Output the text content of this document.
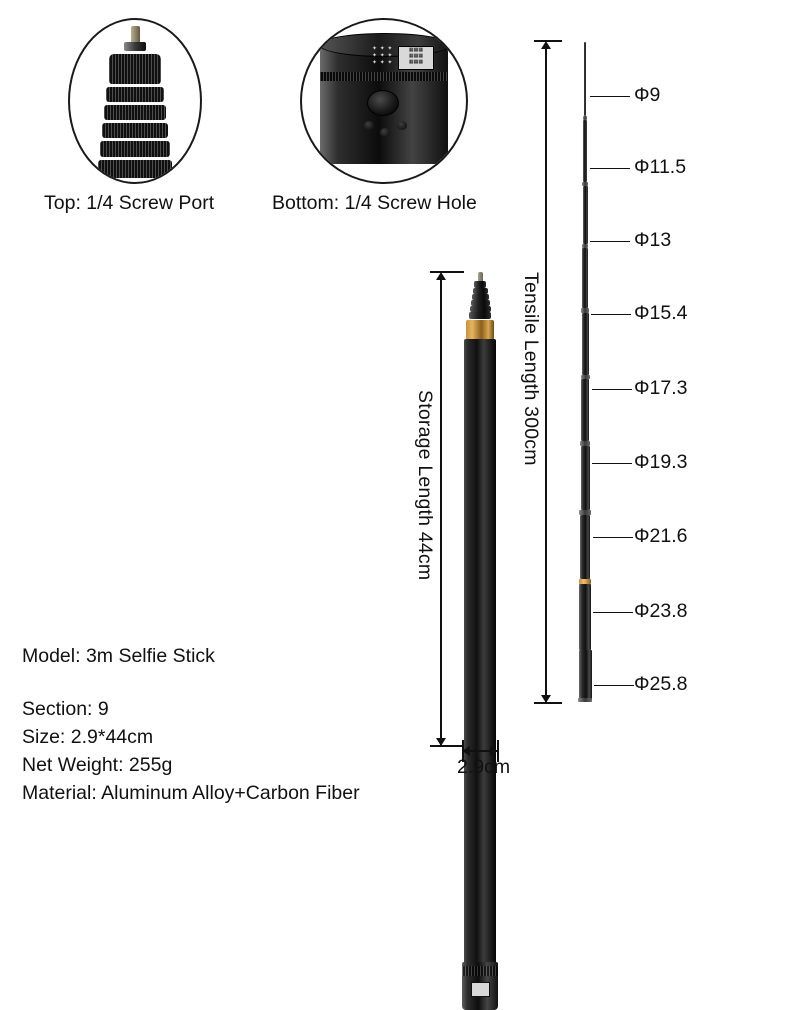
Top: 1/4 Screw Port
✦ ✦ ✦
✦ ✦ ✦
✦ ✦ ✦
▦▦▦
▦▦▦
▦▦▦
Bottom: 1/4 Screw Hole
Storage Length 44cm
2.9cm
Tensile Length 300cm
Φ9
Φ11.5
Φ13
Φ15.4
Φ17.3
Φ19.3
Φ21.6
Φ23.8
Φ25.8
Model: 3m Selfie Stick
Section: 9
Size: 2.9*44cm
Net Weight: 255g
Material: Aluminum Alloy+Carbon Fiber
